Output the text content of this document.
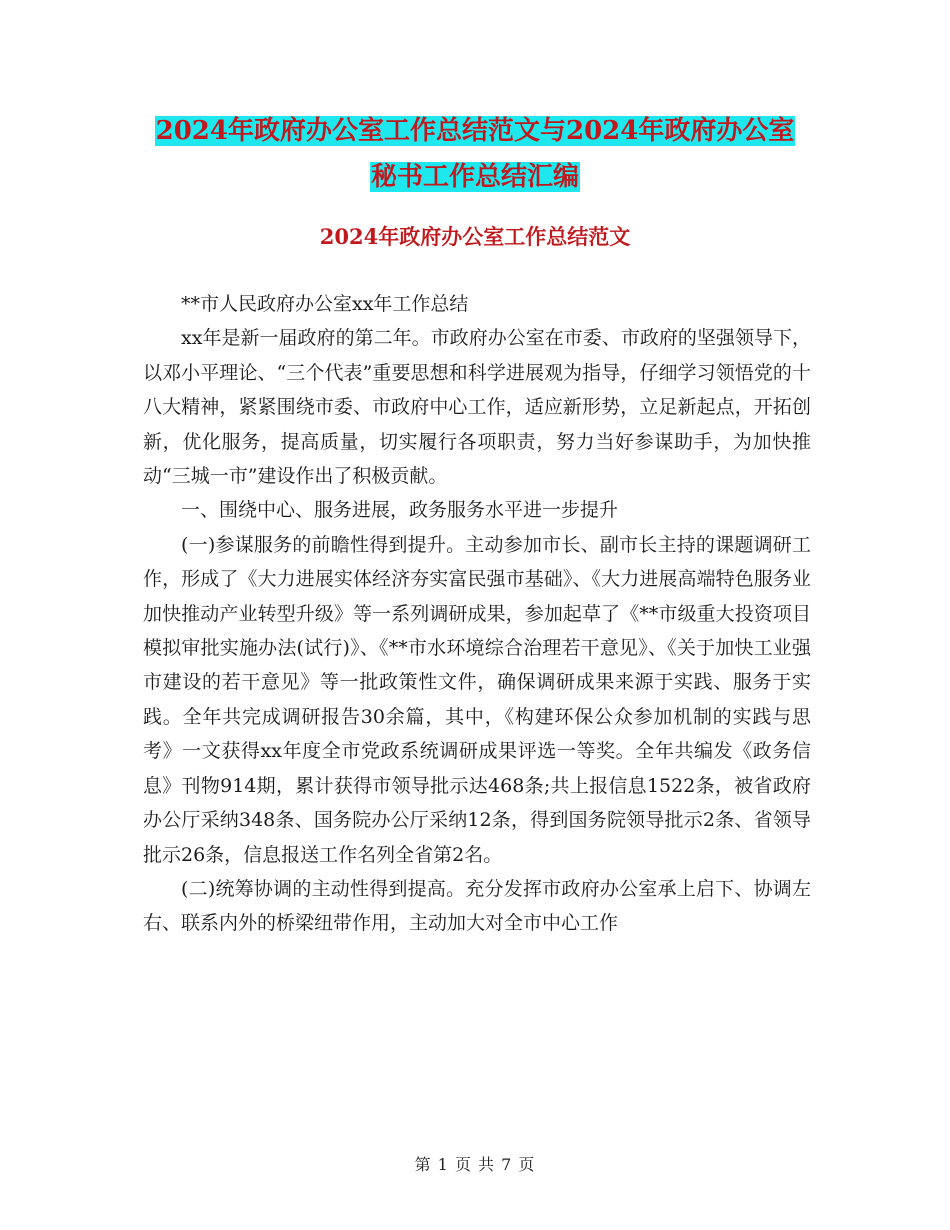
2024年政府办公室工作总结范文与2024年政府办公室
秘书工作总结汇编
2024年政府办公室工作总结范文

**市人民政府办公室xx年工作总结

xx年是新一届政府的第二年。市政府办公室在市委、市政府的坚强领导下，以邓小平理论、“三个代表”重要思想和科学进展观为指导，仔细学习领悟党的十八大精神，紧紧围绕市委、市政府中心工作，适应新形势，立足新起点，开拓创新，优化服务，提高质量，切实履行各项职责，努力当好参谋助手，为加快推动“三城一市”建设作出了积极贡献。

一、围绕中心、服务进展，政务服务水平进一步提升

(一)参谋服务的前瞻性得到提升。主动参加市长、副市长主持的课题调研工作，形成了《大力进展实体经济夯实富民强市基础》、《大力进展高端特色服务业加快推动产业转型升级》等一系列调研成果，参加起草了《**市级重大投资项目模拟审批实施办法(试行)》、《**市水环境综合治理若干意见》、《关于加快工业强市建设的若干意见》等一批政策性文件，确保调研成果来源于实践、服务于实践。全年共完成调研报告30余篇，其中，《构建环保公众参加机制的实践与思考》一文获得xx年度全市党政系统调研成果评选一等奖。全年共编发《政务信息》刊物914期，累计获得市领导批示达468条;共上报信息1522条，被省政府办公厅采纳348条、国务院办公厅采纳12条，得到国务院领导批示2条、省领导批示26条，信息报送工作名列全省第2名。

(二)统筹协调的主动性得到提高。充分发挥市政府办公室承上启下、协调左右、联系内外的桥梁纽带作用，主动加大对全市中心工作

第 1 页 共 7 页
